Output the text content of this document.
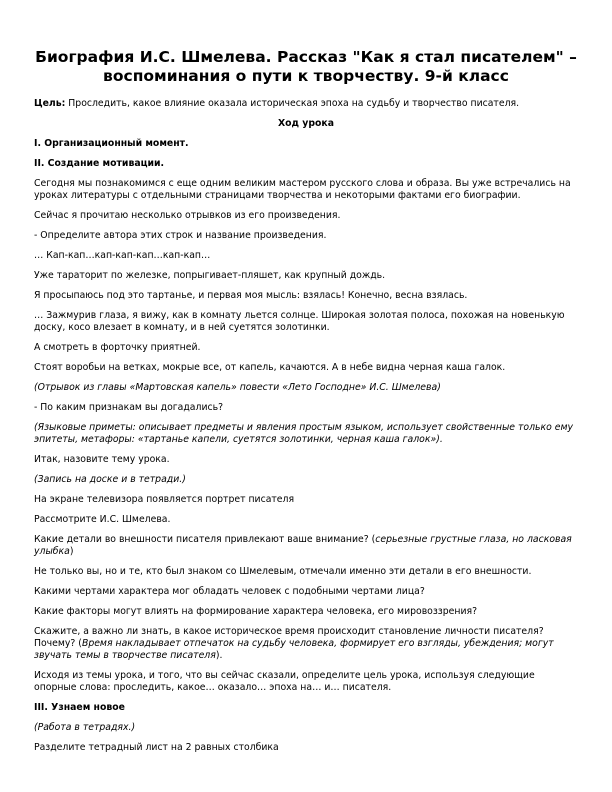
Биография И.С. Шмелева. Рассказ "Как я стал писателем" – воспоминания о пути к творчеству. 9-й класс

Цель: Проследить, какое влияние оказала историческая эпоха на судьбу и творчество писателя.

Ход урока

I. Организационный момент.

II. Создание мотивации.

Сегодня мы познакомимся с еще одним великим мастером русского слова и образа. Вы уже встречались на уроках литературы с отдельными страницами творчества и некоторыми фактами его биографии.

Сейчас я прочитаю несколько отрывков из его произведения.

- Определите автора этих строк и название произведения.

… Кап-кап…кап-кап-кап…кап-кап…

Уже тараторит по железке, попрыгивает-пляшет, как крупный дождь.

Я просыпаюсь под это тартанье, и первая моя мысль: взялась! Конечно, весна взялась.

… Зажмурив глаза, я вижу, как в комнату льется солнце. Широкая золотая полоса, похожая на новенькую доску, косо влезает в комнату, и в ней суетятся золотинки.

А смотреть в форточку приятней.

Стоят воробьи на ветках, мокрые все, от капель, качаются. А в небе видна черная каша галок.

(Отрывок из главы «Мартовская капель» повести «Лето Господне» И.С. Шмелева)

- По каким признакам вы догадались?

(Языковые приметы: описывает предметы и явления простым языком, использует свойственные только ему эпитеты, метафоры: «тартанье капели, суетятся золотинки, черная каша галок»).

Итак, назовите тему урока.

(Запись на доске и в тетради.)

На экране телевизора появляется портрет писателя

Рассмотрите И.С. Шмелева.

Какие детали во внешности писателя привлекают ваше внимание? (серьезные грустные глаза, но ласковая улыбка)

Не только вы, но и те, кто был знаком со Шмелевым, отмечали именно эти детали в его внешности.

Какими чертами характера мог обладать человек с подобными чертами лица?

Какие факторы могут влиять на формирование характера человека, его мировоззрения?

Скажите, а важно ли знать, в какое историческое время происходит становление личности писателя? Почему? (Время накладывает отпечаток на судьбу человека, формирует его взгляды, убеждения; могут звучать темы в творчестве писателя).

Исходя из темы урока, и того, что вы сейчас сказали, определите цель урока, используя следующие опорные слова: проследить, какое… оказало… эпоха на… и… писателя.

III. Узнаем новое

(Работа в тетрадях.)

Разделите тетрадный лист на 2 равных столбика
